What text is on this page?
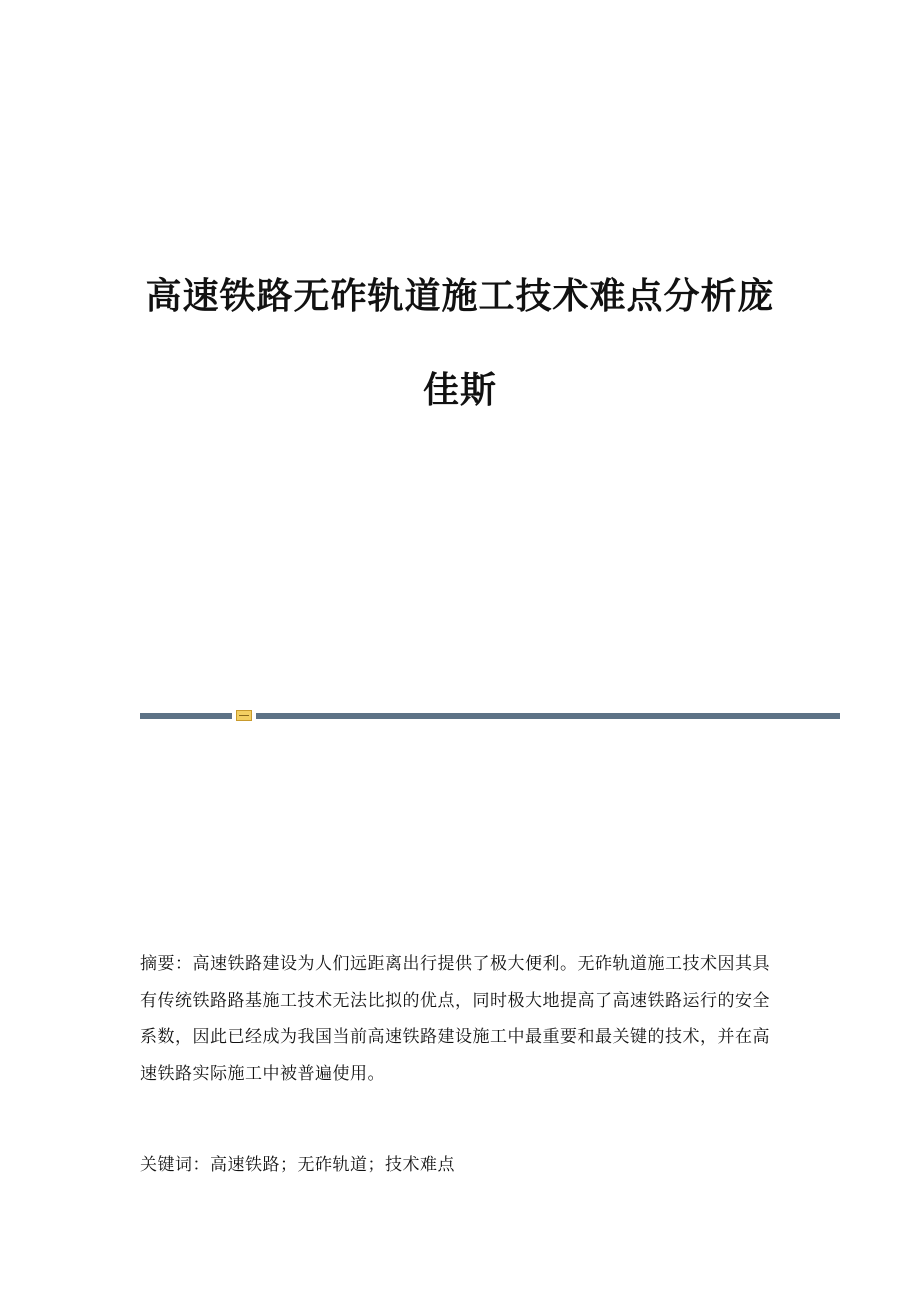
高速铁路无砟轨道施工技术难点分析庞
佳斯

摘要：高速铁路建设为人们远距离出行提供了极大便利。无砟轨道施工技术因其具有传统铁路路基施工技术无法比拟的优点，同时极大地提高了高速铁路运行的安全系数，因此已经成为我国当前高速铁路建设施工中最重要和最关键的技术，并在高速铁路实际施工中被普遍使用。

关键词：高速铁路；无砟轨道；技术难点
